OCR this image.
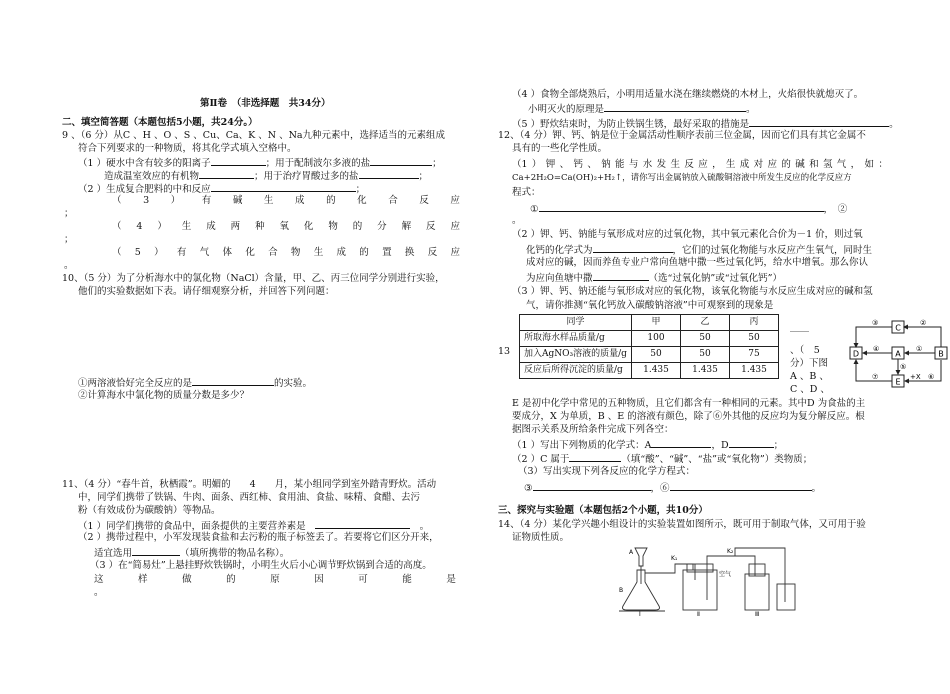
第Ⅱ卷　（非选择题　共34分）
二、填空简答题（本题包括5小题，共24分。）
9 、（6 分）从C 、H 、O 、S 、Cu、Ca、K 、N 、Na九种元素中，选择适当的元素组成
符合下列要求的一种物质，将其化学式填入空格中。
（1 ）硬水中含有较多的阳离子	；用于配制波尔多液的盐	；
造成温室效应的有机物	；用于治疗胃酸过多的盐	；
（2 ）生成复合肥料的中和反应	；
（ 3 ） 有 碱 生 成 的 化 合 反 应
；
（ 4 ） 生 成 两 种 氧 化 物 的 分 解 反 应
；
（ 5 ） 有 气 体 化 合 物 生 成 的 置 换 反 应
。
10、（5 分）为了分析海水中的氯化物（NaCl）含量，甲、乙、丙三位同学分别进行实验，
他们的实验数据如下表。请仔细观察分析，并回答下列问题：
①两溶液恰好完全反应的是	的实验。
②计算海水中氯化物的质量分数是多少？
11、（4 分）“春牛首，秋栖霞”。明媚的　　4　　月，某小组同学到室外踏青野炊。活动
中，同学们携带了铁锅、牛肉、面条、西红柿、食用油、食盐、味精、食醋、去污
粉（有效成份为碳酸钠）等物品。
（1 ）同学们携带的食品中，面条提供的主要营养素是　	　。
（2 ）携带过程中，小军发现装食盐和去污粉的瓶子标签丢了。若要将它们区分开来，
适宜选用	（填所携带的物品名称）。
（3 ）在“简易灶”上悬挂野炊铁锅时，小明生火后小心调节野炊锅到合适的高度。
这	样	做	的	原	因	可	能	是
。
（4 ）食物全部烧熟后，小明用适量水浇在继续燃烧的木材上，火焰很快就熄灭了。
小明灭火的原理是	。
（5 ）野炊结束时，为防止铁锅生锈，最好采取的措施是	。
12、（4 分）钾、钙、钠是位于金属活动性顺序表前三位金属，因而它们具有其它金属不
具有的一些化学性质。
（1 ） 钾 、 钙 、 钠 能 与 水 发 生 反 应 ， 生 成 对 应 的 碱 和 氢 气 ， 如 ：
Ca+2H₂O=Ca(OH)₂+H₂↑，请你写出金属钠放入硫酸铜溶液中所发生反应的化学反应方
程式：
①	，　②
。
（2 ）钾、钙、钠能与氧形成对应的过氧化物，其中氧元素化合价为－1 价，则过氧
化钙的化学式为	，它们的过氧化物能与水反应产生氧气，同时生
成对应的碱，因而养鱼专业户常向鱼塘中撒一些过氧化钙，给水中增氧。那么你认
为应向鱼塘中撒	（选“过氧化钠”或“过氧化钙”）
（3 ）钾、钙、钠还能与氧形成对应的氧化物，该氧化物能与水反应生成对应的碱和氢
气，请你推测“氧化钙放入碳酸钠溶液”中可观察到的现象是
同学	甲	乙	丙
所取海水样品质量/g	100	50	50
加入AgNO₃溶液的质量/g	50	50	75
反应后所得沉淀的质量/g	1.435	1.435	1.435
13
＿＿
、（　5
分）下图
A 、B 、
C 、D 、
C
D	A	B
E
③	②
④	①
⑤
⑦	⑥
+X
E 是初中化学中常见的五种物质，且它们都含有一种相同的元素。其中D 为食盐的主
要成分，X 为单质，B 、E 的溶液有颜色，除了⑥外其他的反应均为复分解反应。根
据图示关系及所给条件完成下列各空：
（1 ）写出下列物质的化学式：A	，D	；
（2 ）C 属于	（填“酸”、“碱”、“盐”或“氧化物”）类物质；
（3）写出实现下列各反应的化学方程式：
③	，⑥	。
三、探究与实验题（本题包括2个小题，共10分）
14、（4 分）某化学兴趣小组设计的实验装置如图所示，既可用于制取气体，又可用于验
证物质性质。
K₁
K₂
空气
A
B
Ⅰ	Ⅱ	Ⅲ
